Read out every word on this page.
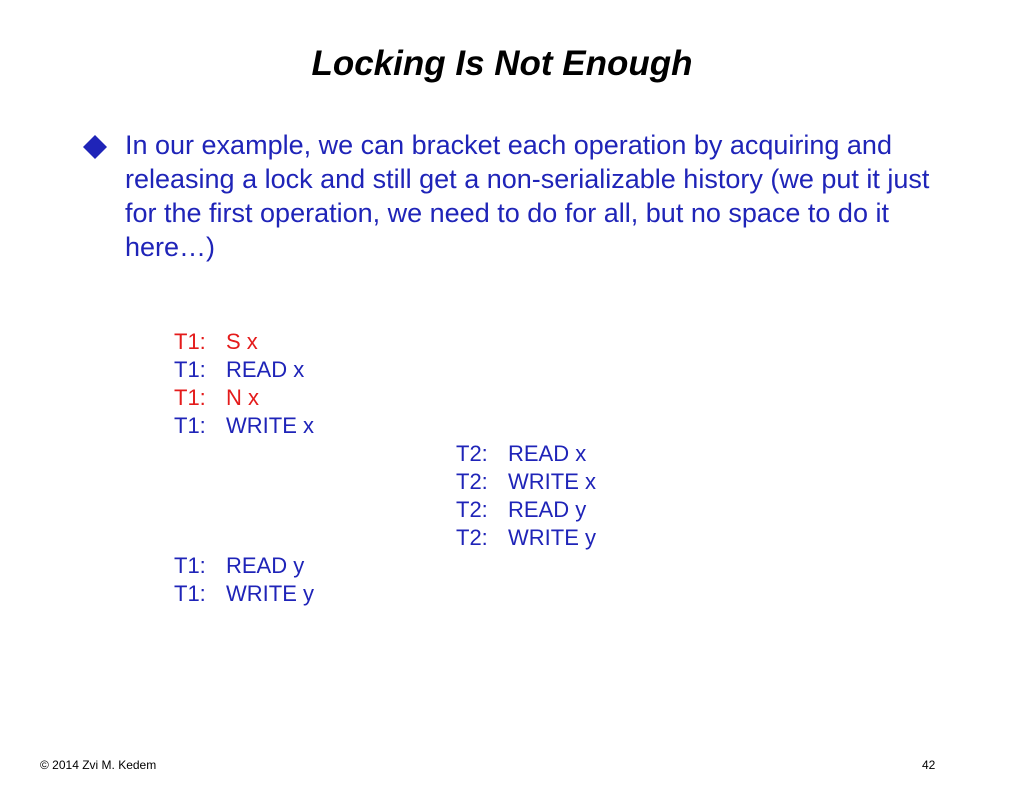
Locking Is Not Enough
In our example, we can bracket each operation by acquiring and releasing a lock and still get a non-serializable history (we put it just for the first operation, we need to do for all, but no space to do it here…)
T1: S x
T1: READ x
T1: N x
T1: WRITE x
T2: READ x
T2: WRITE x
T2: READ y
T2: WRITE y
T1: READ y
T1: WRITE y
© 2014 Zvi M. Kedem	42
